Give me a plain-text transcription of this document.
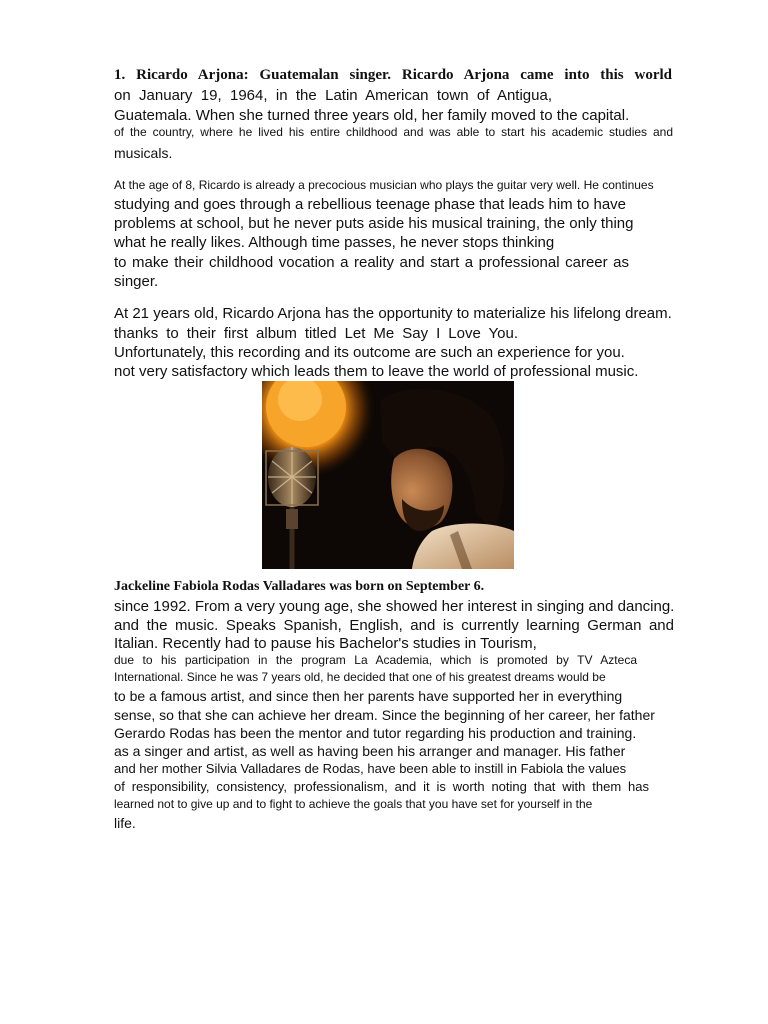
1. Ricardo Arjona: Guatemalan singer. Ricardo Arjona came into this world

on January 19, 1964, in the Latin American town of Antigua,

Guatemala. When she turned three years old, her family moved to the capital.

of the country, where he lived his entire childhood and was able to start his academic studies and

musicals.

At the age of 8, Ricardo is already a precocious musician who plays the guitar very well. He continues

studying and goes through a rebellious teenage phase that leads him to have

problems at school, but he never puts aside his musical training, the only thing

what he really likes. Although time passes, he never stops thinking

to make their childhood vocation a reality and start a professional career as

singer.

At 21 years old, Ricardo Arjona has the opportunity to materialize his lifelong dream.

thanks to their first album titled Let Me Say I Love You.

Unfortunately, this recording and its outcome are such an experience for you.

not very satisfactory which leads them to leave the world of professional music.

Jackeline Fabiola Rodas Valladares was born on September 6.

since 1992. From a very young age, she showed her interest in singing and dancing.

and the music. Speaks Spanish, English, and is currently learning German and

Italian. Recently had to pause his Bachelor's studies in Tourism,

due to his participation in the program La Academia, which is promoted by TV Azteca

International. Since he was 7 years old, he decided that one of his greatest dreams would be

to be a famous artist, and since then her parents have supported her in everything

sense, so that she can achieve her dream. Since the beginning of her career, her father

Gerardo Rodas has been the mentor and tutor regarding his production and training.

as a singer and artist, as well as having been his arranger and manager. His father

and her mother Silvia Valladares de Rodas, have been able to instill in Fabiola the values

of responsibility, consistency, professionalism, and it is worth noting that with them has

learned not to give up and to fight to achieve the goals that you have set for yourself in the

life.
